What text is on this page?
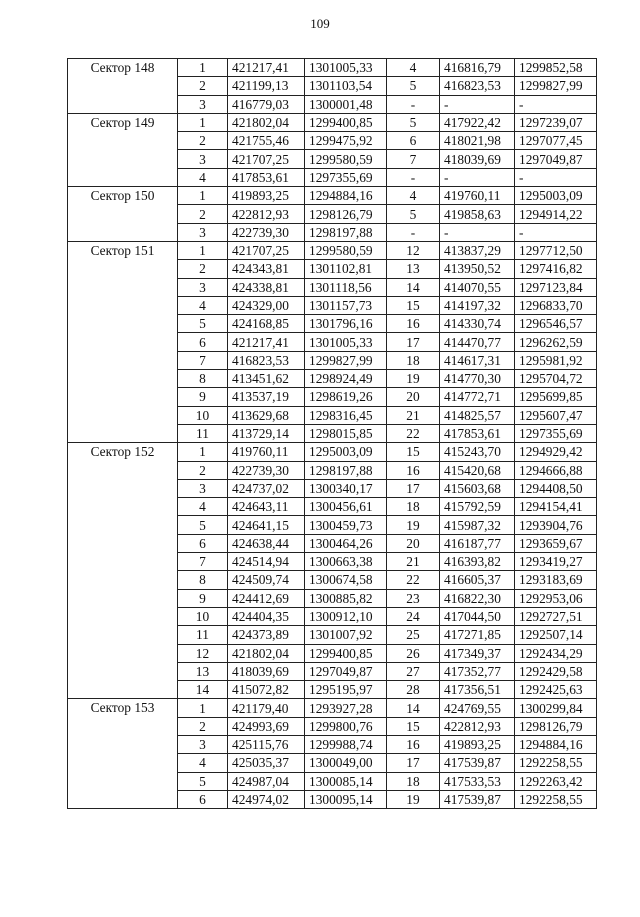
109
Сектор 148	1	421217,41	1301005,33	4	416816,79	1299852,58
	2	421199,13	1301103,54	5	416823,53	1299827,99
	3	416779,03	1300001,48	-	-	-
Сектор 149	1	421802,04	1299400,85	5	417922,42	1297239,07
	2	421755,46	1299475,92	6	418021,98	1297077,45
	3	421707,25	1299580,59	7	418039,69	1297049,87
	4	417853,61	1297355,69	-	-	-
Сектор 150	1	419893,25	1294884,16	4	419760,11	1295003,09
	2	422812,93	1298126,79	5	419858,63	1294914,22
	3	422739,30	1298197,88	-	-	-
Сектор 151	1	421707,25	1299580,59	12	413837,29	1297712,50
	2	424343,81	1301102,81	13	413950,52	1297416,82
	3	424338,81	1301118,56	14	414070,55	1297123,84
	4	424329,00	1301157,73	15	414197,32	1296833,70
	5	424168,85	1301796,16	16	414330,74	1296546,57
	6	421217,41	1301005,33	17	414470,77	1296262,59
	7	416823,53	1299827,99	18	414617,31	1295981,92
	8	413451,62	1298924,49	19	414770,30	1295704,72
	9	413537,19	1298619,26	20	414772,71	1295699,85
	10	413629,68	1298316,45	21	414825,57	1295607,47
	11	413729,14	1298015,85	22	417853,61	1297355,69
Сектор 152	1	419760,11	1295003,09	15	415243,70	1294929,42
	2	422739,30	1298197,88	16	415420,68	1294666,88
	3	424737,02	1300340,17	17	415603,68	1294408,50
	4	424643,11	1300456,61	18	415792,59	1294154,41
	5	424641,15	1300459,73	19	415987,32	1293904,76
	6	424638,44	1300464,26	20	416187,77	1293659,67
	7	424514,94	1300663,38	21	416393,82	1293419,27
	8	424509,74	1300674,58	22	416605,37	1293183,69
	9	424412,69	1300885,82	23	416822,30	1292953,06
	10	424404,35	1300912,10	24	417044,50	1292727,51
	11	424373,89	1301007,92	25	417271,85	1292507,14
	12	421802,04	1299400,85	26	417349,37	1292434,29
	13	418039,69	1297049,87	27	417352,77	1292429,58
	14	415072,82	1295195,97	28	417356,51	1292425,63
Сектор 153	1	421179,40	1293927,28	14	424769,55	1300299,84
	2	424993,69	1299800,76	15	422812,93	1298126,79
	3	425115,76	1299988,74	16	419893,25	1294884,16
	4	425035,37	1300049,00	17	417539,87	1292258,55
	5	424987,04	1300085,14	18	417533,53	1292263,42
	6	424974,02	1300095,14	19	417539,87	1292258,55
